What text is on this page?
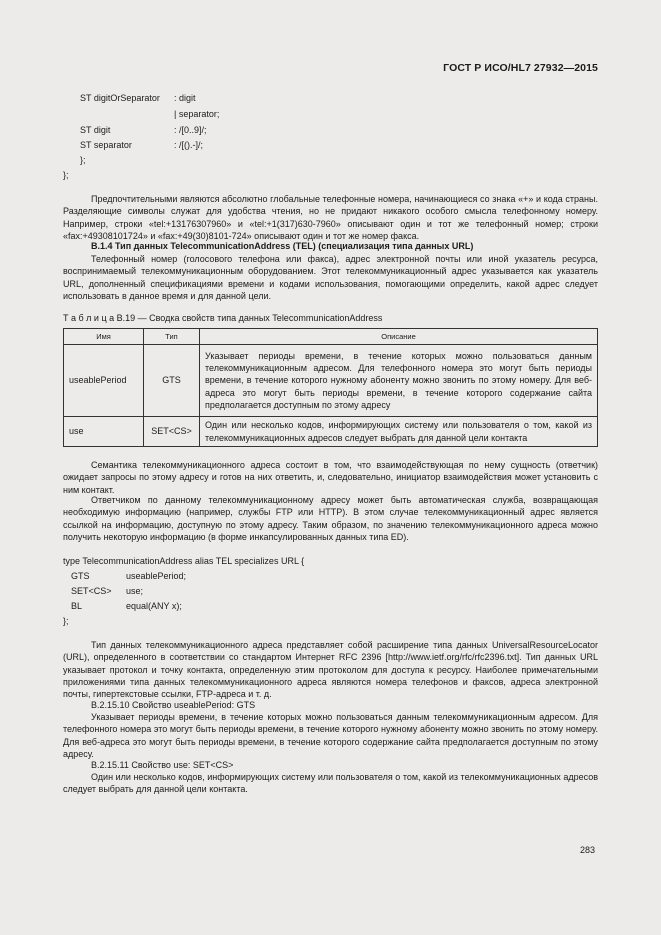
ГОСТ Р ИСО/HL7 27932—2015
ST digitOrSeparator : digit
| separator;
ST digit	: /[0..9]/;
ST separator	: /[().-]/;
};
};
Предпочтительными являются абсолютно глобальные телефонные номера, начинающиеся со знака «+» и кода страны. Разделяющие символы служат для удобства чтения, но не придают никакого особого смысла телефонному номеру. Например, строки «tel:+13176307960» и «tel:+1(317)630-7960» описывают один и тот же телефонный номер; строки «fax:+49308101724» и «fax:+49(30)8101-724» описывают один и тот же номер факса.
B.1.4 Тип данных TelecommunicationAddress (TEL) (специализация типа данных URL)
Телефонный номер (голосового телефона или факса), адрес электронной почты или иной указатель ресурса, воспринимаемый телекоммуникационным оборудованием. Этот телекоммуникационный адрес указывается как указатель URL, дополненный спецификациями времени и кодами использования, помогающими определить, какой адрес следует использовать в данное время и для данной цели.
Т а б л и ц а В.19 — Сводка свойств типа данных TelecommunicationAddress
Имя	Тип	Описание
useablePeriod	GTS	Указывает периоды времени, в течение которых можно пользоваться данным телекоммуникационным адресом. Для телефонного номера это могут быть периоды времени, в течение которого нужному абоненту можно звонить по этому номеру. Для веб-адреса это могут быть периоды времени, в течение которого содержание сайта предполагается доступным по этому адресу
use	SET<CS>	Один или несколько кодов, информирующих систему или пользователя о том, какой из телекоммуникационных адресов следует выбрать для данной цели контакта
Семантика телекоммуникационного адреса состоит в том, что взаимодействующая по нему сущность (ответчик) ожидает запросы по этому адресу и готов на них ответить, и, следовательно, инициатор взаимодействия может установить с ним контакт.
Ответчиком по данному телекоммуникационному адресу может быть автоматическая служба, возвращающая необходимую информацию (например, службы FTP или HTTP). В этом случае телекоммуникационный адрес является ссылкой на информацию, доступную по этому адресу. Таким образом, по значению телекоммуникационного адреса можно получить некоторую информацию (в форме инкапсулированных данных типа ED).
type TelecommunicationAddress alias TEL specializes URL {
GTS	useablePeriod;
SET<CS> use;
BL	equal(ANY x);
};
Тип данных телекоммуникационного адреса представляет собой расширение типа данных UniversalResourceLocator (URL), определенного в соответствии со стандартом Интернет RFC 2396 [http://www.ietf.org/rfc/rfc2396.txt]. Тип данных URL указывает протокол и точку контакта, определенную этим протоколом для доступа к ресурсу. Наиболее примечательными приложениями типа данных телекоммуникационного адреса являются номера телефонов и факсов, адреса электронной почты, гипертекстовые ссылки, FTP-адреса и т. д.
B.2.15.10 Свойство useablePeriod: GTS
Указывает периоды времени, в течение которых можно пользоваться данным телекоммуникационным адресом. Для телефонного номера это могут быть периоды времени, в течение которого нужному абоненту можно звонить по этому номеру. Для веб-адреса это могут быть периоды времени, в течение которого содержание сайта предполагается доступным по этому адресу.
B.2.15.11 Свойство use: SET<CS>
Один или несколько кодов, информирующих систему или пользователя о том, какой из телекоммуникационных адресов следует выбрать для данной цели контакта.
283
